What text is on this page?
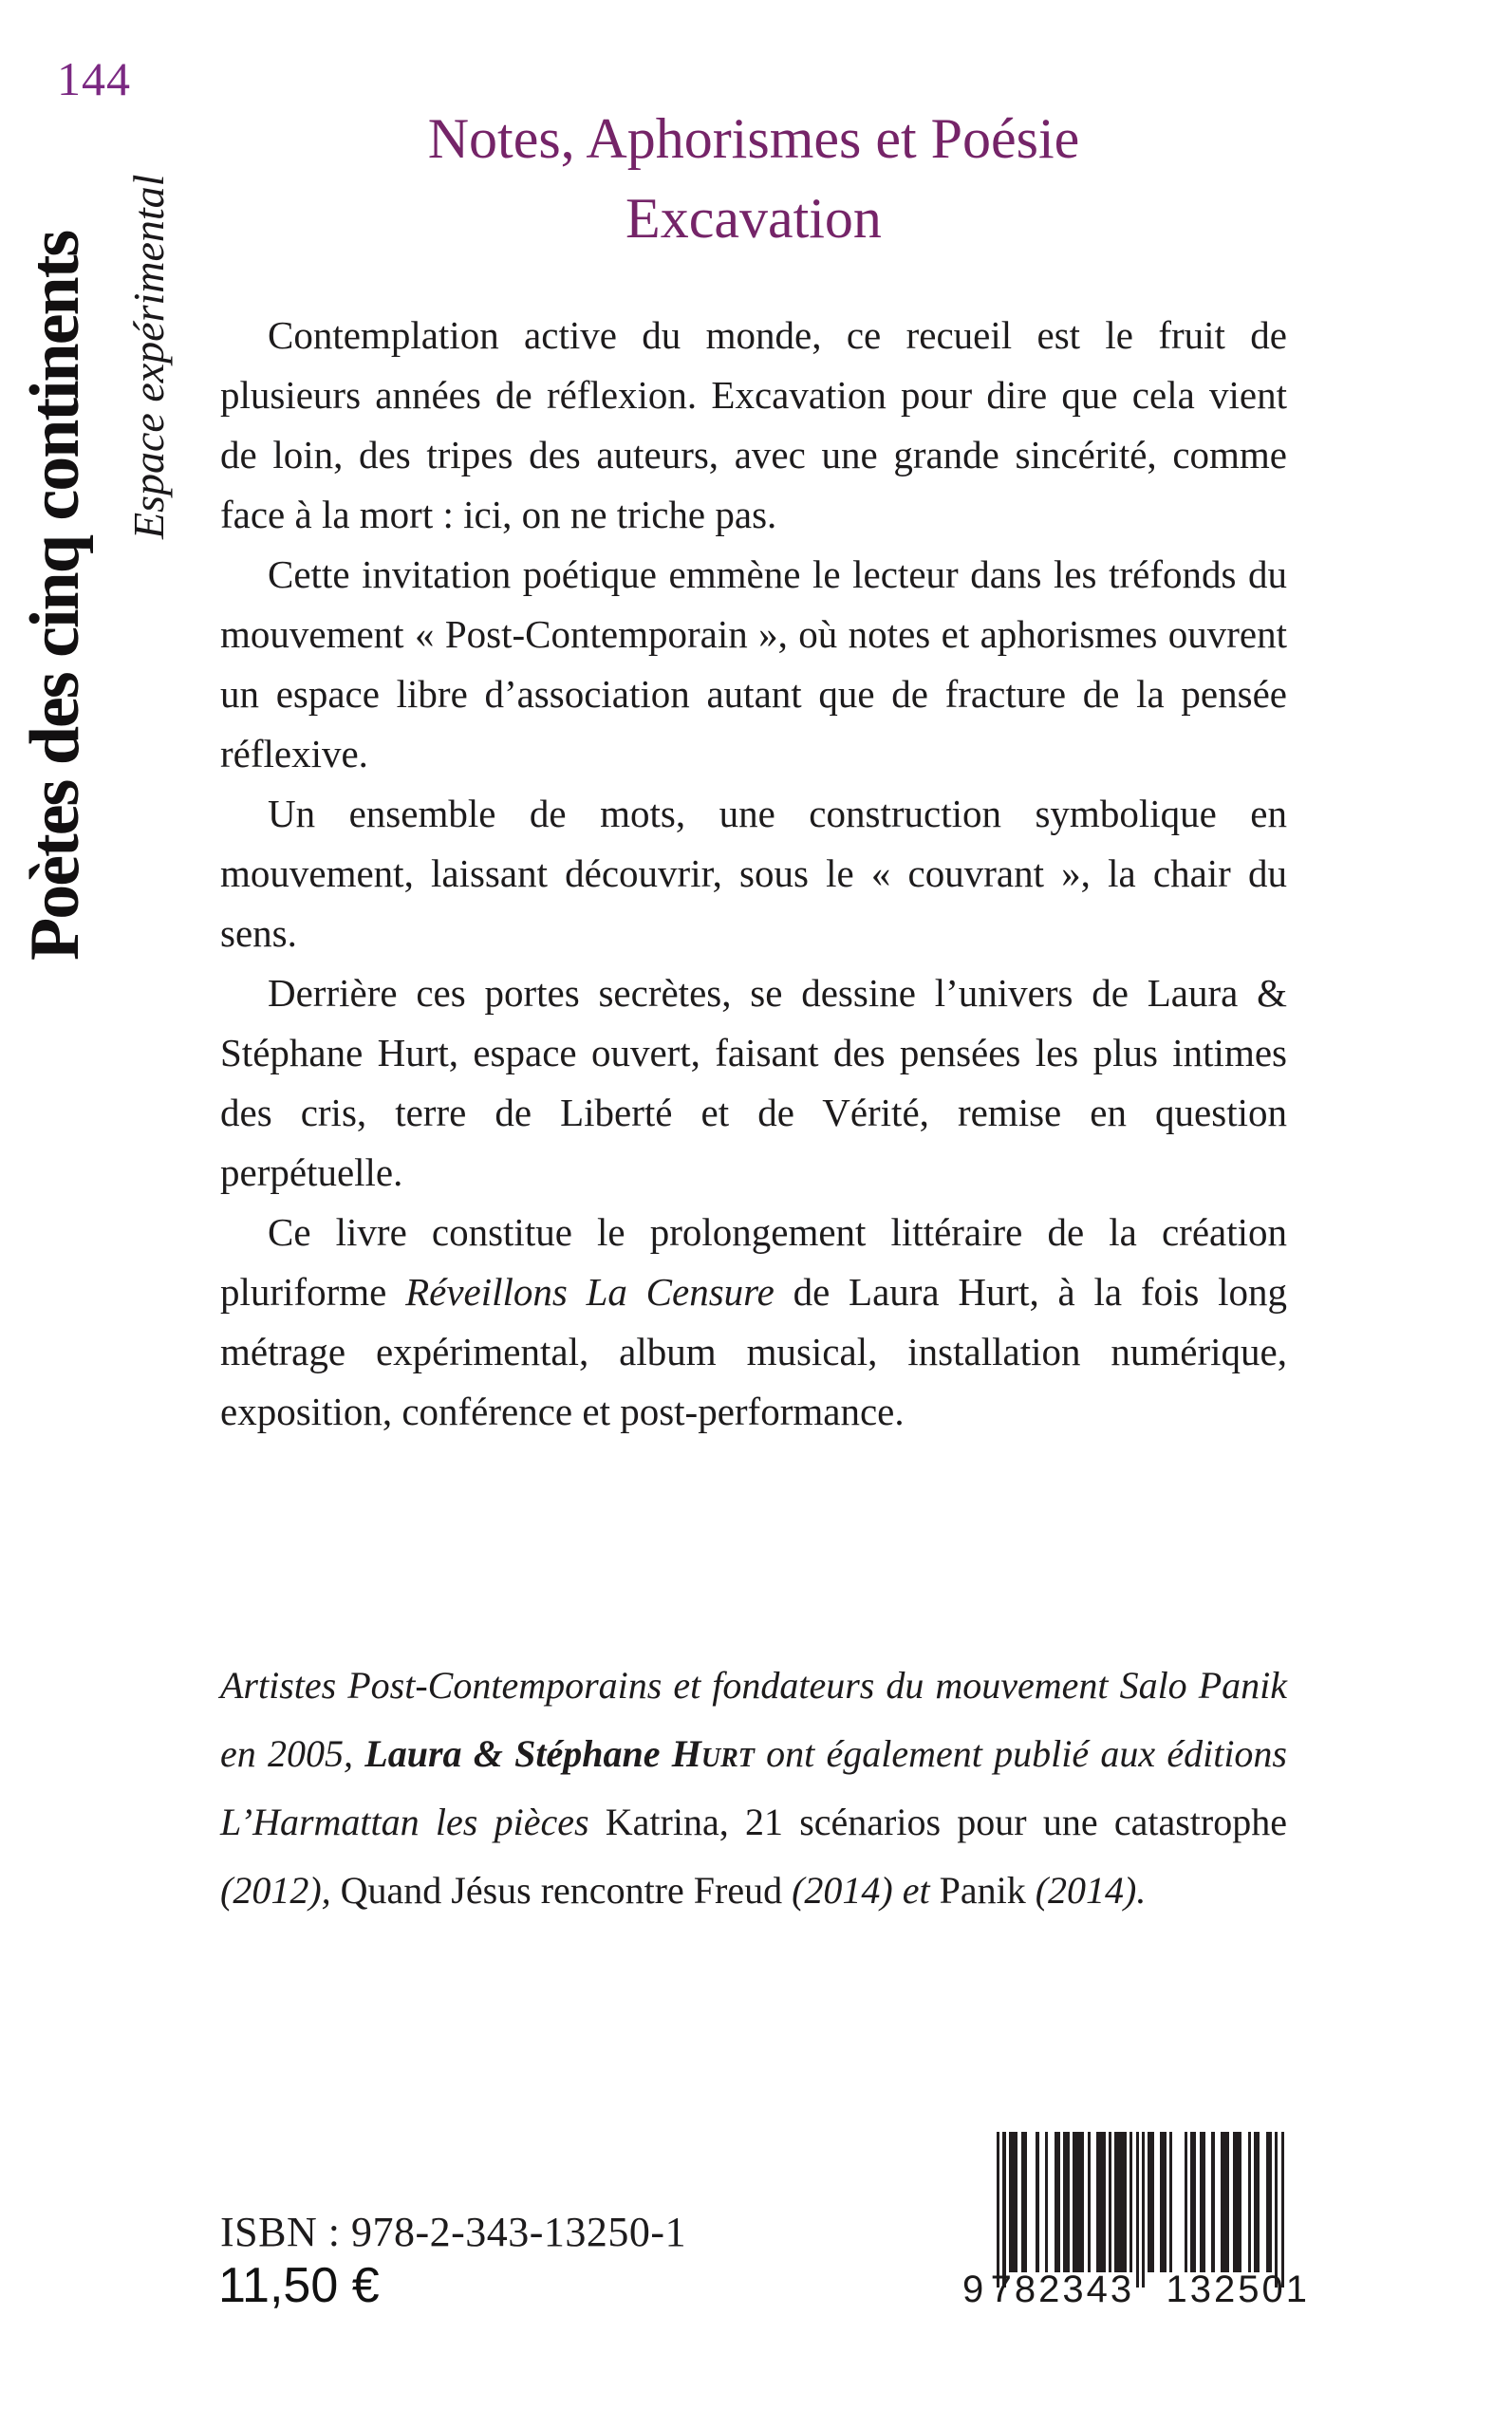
144
Poètes des cinq continents Espace expérimental
Notes, Aphorismes et Poésie
Excavation

Contemplation active du monde, ce recueil est le fruit de plusieurs années de réflexion. Excavation pour dire que cela vient de loin, des tripes des auteurs, avec une grande sincérité, comme face à la mort : ici, on ne triche pas.

Cette invitation poétique emmène le lecteur dans les tréfonds du mouvement « Post-Contemporain », où notes et aphorismes ouvrent un espace libre d’association autant que de fracture de la pensée réflexive.

Un ensemble de mots, une construction symbolique en mouvement, laissant découvrir, sous le « couvrant », la chair du sens.

Derrière ces portes secrètes, se dessine l’univers de Laura & Stéphane Hurt, espace ouvert, faisant des pensées les plus intimes des cris, terre de Liberté et de Vérité, remise en question perpétuelle.

Ce livre constitue le prolongement littéraire de la création pluriforme Réveillons La Censure de Laura Hurt, à la fois long métrage expérimental, album musical, installation numérique, exposition, conférence et post-performance.

Artistes Post-Contemporains et fondateurs du mouvement Salo Panik en 2005, Laura & Stéphane Hurt ont également publié aux éditions L’Harmattan les pièces Katrina, 21 scénarios pour une catastrophe (2012), Quand Jésus rencontre Freud (2014) et Panik (2014).

ISBN : 978-2-343-13250-1
11,50 €	9 782343 132501
